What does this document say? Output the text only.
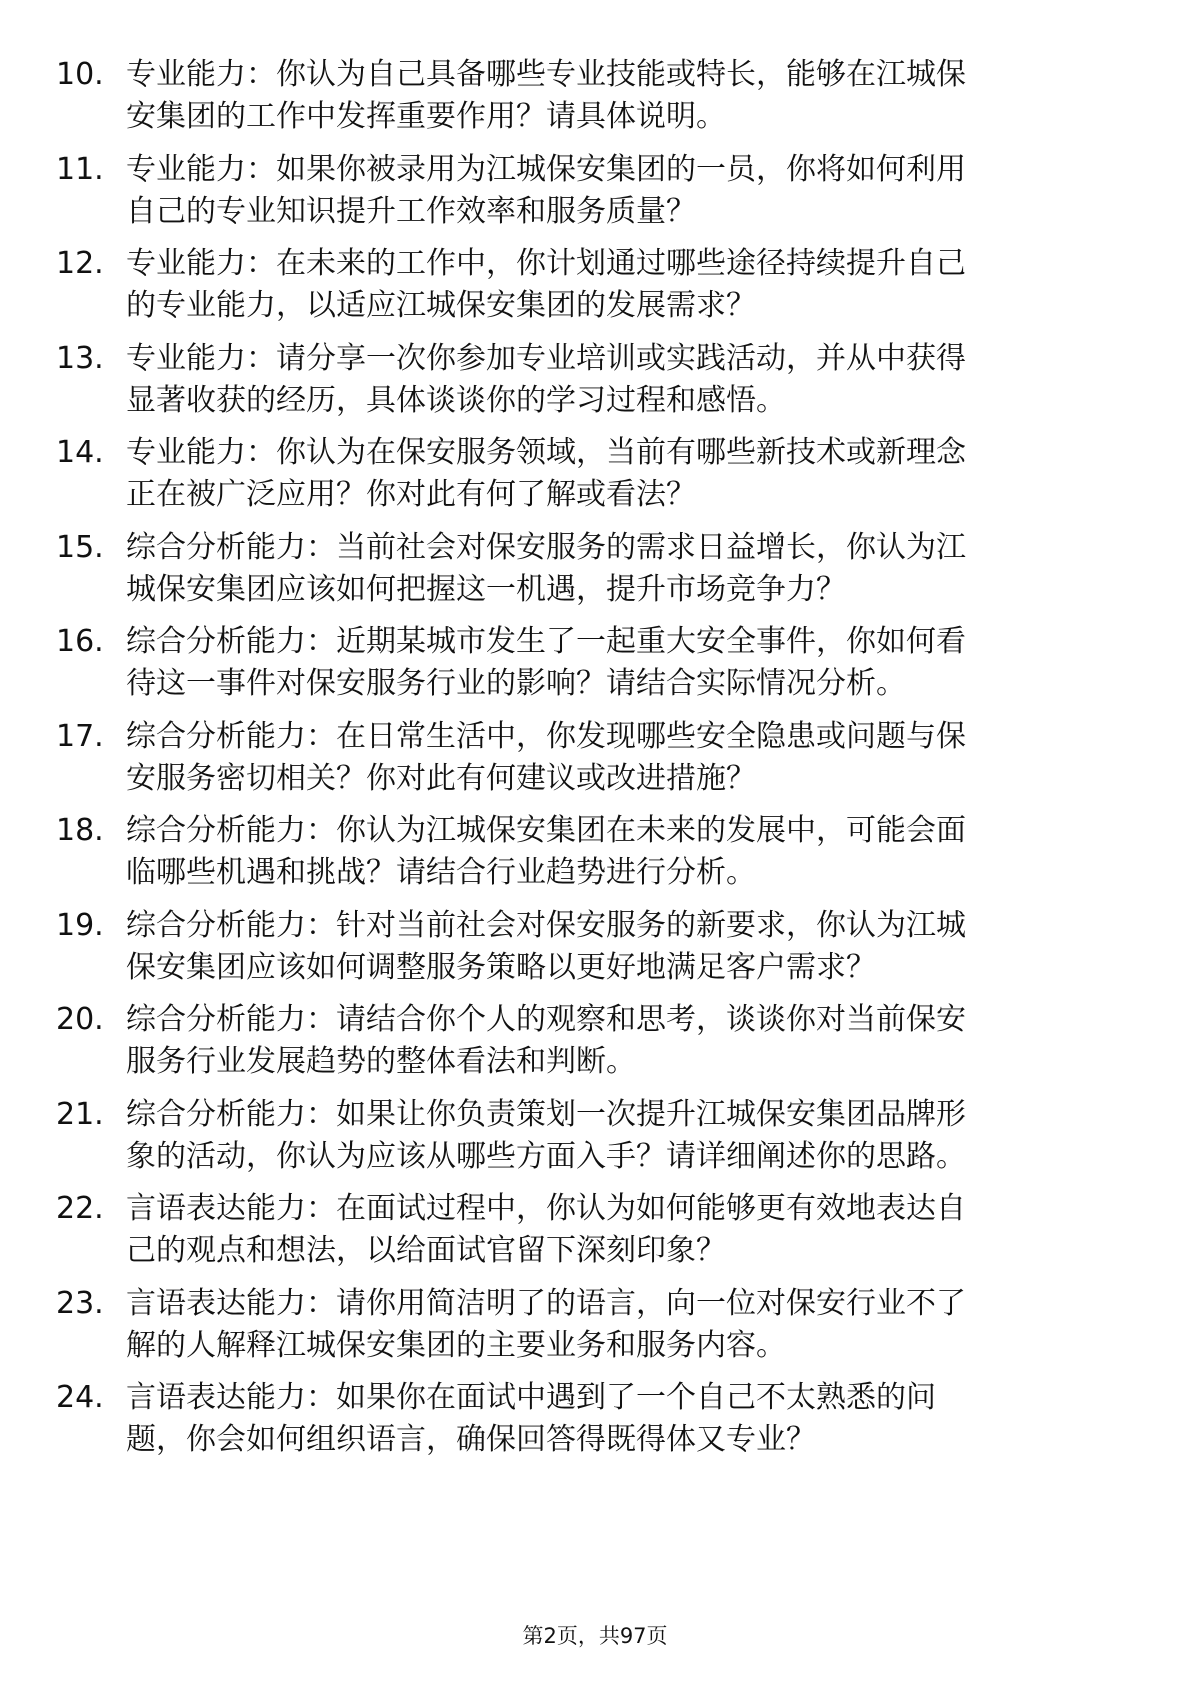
10. 专业能力：你认为自己具备哪些专业技能或特长，能够在江城保
安集团的工作中发挥重要作用？请具体说明。
11. 专业能力：如果你被录用为江城保安集团的一员，你将如何利用
自己的专业知识提升工作效率和服务质量？
12. 专业能力：在未来的工作中，你计划通过哪些途径持续提升自己
的专业能力，以适应江城保安集团的发展需求？
13. 专业能力：请分享一次你参加专业培训或实践活动，并从中获得
显著收获的经历，具体谈谈你的学习过程和感悟。
14. 专业能力：你认为在保安服务领域，当前有哪些新技术或新理念
正在被广泛应用？你对此有何了解或看法？
15. 综合分析能力：当前社会对保安服务的需求日益增长，你认为江
城保安集团应该如何把握这一机遇，提升市场竞争力？
16. 综合分析能力：近期某城市发生了一起重大安全事件，你如何看
待这一事件对保安服务行业的影响？请结合实际情况分析。
17. 综合分析能力：在日常生活中，你发现哪些安全隐患或问题与保
安服务密切相关？你对此有何建议或改进措施？
18. 综合分析能力：你认为江城保安集团在未来的发展中，可能会面
临哪些机遇和挑战？请结合行业趋势进行分析。
19. 综合分析能力：针对当前社会对保安服务的新要求，你认为江城
保安集团应该如何调整服务策略以更好地满足客户需求？
20. 综合分析能力：请结合你个人的观察和思考，谈谈你对当前保安
服务行业发展趋势的整体看法和判断。
21. 综合分析能力：如果让你负责策划一次提升江城保安集团品牌形
象的活动，你认为应该从哪些方面入手？请详细阐述你的思路。
22. 言语表达能力：在面试过程中，你认为如何能够更有效地表达自
己的观点和想法，以给面试官留下深刻印象？
23. 言语表达能力：请你用简洁明了的语言，向一位对保安行业不了
解的人解释江城保安集团的主要业务和服务内容。
24. 言语表达能力：如果你在面试中遇到了一个自己不太熟悉的问
题，你会如何组织语言，确保回答得既得体又专业？
第2页，共97页
